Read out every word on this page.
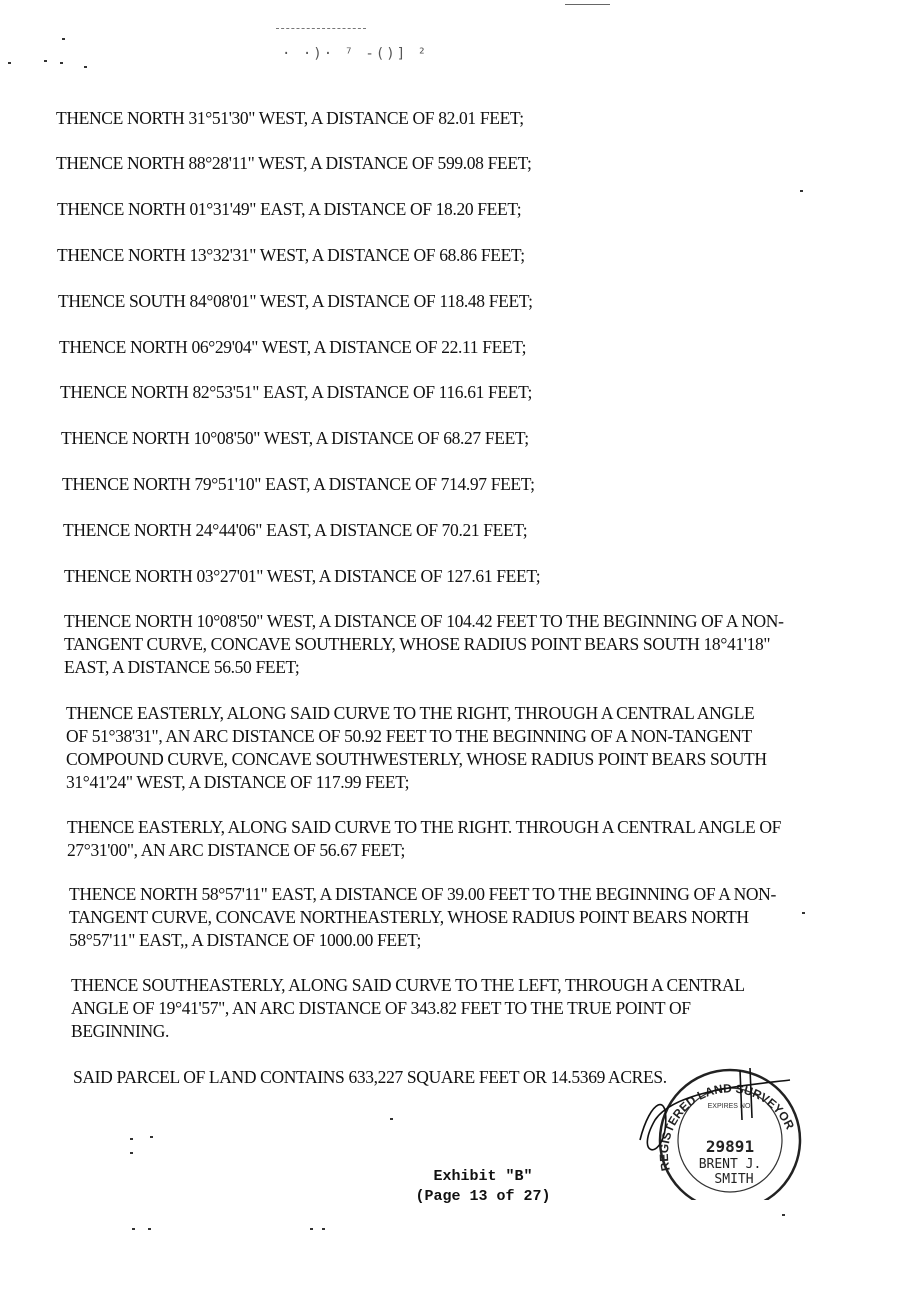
· ·)· ⁷ -()] ²

THENCE NORTH 31°51'30" WEST, A DISTANCE OF 82.01 FEET;

THENCE NORTH 88°28'11" WEST, A DISTANCE OF 599.08 FEET;

THENCE NORTH 01°31'49" EAST, A DISTANCE OF 18.20 FEET;

THENCE NORTH 13°32'31" WEST, A DISTANCE OF 68.86 FEET;

THENCE SOUTH 84°08'01" WEST, A DISTANCE OF 118.48 FEET;

THENCE NORTH 06°29'04" WEST, A DISTANCE OF 22.11 FEET;

THENCE NORTH 82°53'51" EAST, A DISTANCE OF 116.61 FEET;

THENCE NORTH 10°08'50" WEST, A DISTANCE OF 68.27 FEET;

THENCE NORTH 79°51'10" EAST, A DISTANCE OF 714.97 FEET;

THENCE NORTH 24°44'06" EAST, A DISTANCE OF 70.21 FEET;

THENCE NORTH 03°27'01" WEST, A DISTANCE OF 127.61 FEET;

THENCE NORTH 10°08'50" WEST, A DISTANCE OF 104.42 FEET TO THE BEGINNING OF A NON-TANGENT CURVE, CONCAVE SOUTHERLY, WHOSE RADIUS POINT BEARS SOUTH 18°41'18" EAST, A DISTANCE 56.50 FEET;

THENCE EASTERLY, ALONG SAID CURVE TO THE RIGHT, THROUGH A CENTRAL ANGLE OF 51°38'31", AN ARC DISTANCE OF 50.92 FEET TO THE BEGINNING OF A NON-TANGENT COMPOUND CURVE, CONCAVE SOUTHWESTERLY, WHOSE RADIUS POINT BEARS SOUTH 31°41'24" WEST, A DISTANCE OF 117.99 FEET;

THENCE EASTERLY, ALONG SAID CURVE TO THE RIGHT. THROUGH A CENTRAL ANGLE OF 27°31'00", AN ARC DISTANCE OF 56.67 FEET;

THENCE NORTH 58°57'11" EAST, A DISTANCE OF 39.00 FEET TO THE BEGINNING OF A NON-TANGENT CURVE, CONCAVE NORTHEASTERLY, WHOSE RADIUS POINT BEARS NORTH 58°57'11" EAST,, A DISTANCE OF 1000.00 FEET;

THENCE SOUTHEASTERLY, ALONG SAID CURVE TO THE LEFT, THROUGH A CENTRAL ANGLE OF 19°41'57", AN ARC DISTANCE OF 343.82 FEET TO THE TRUE POINT OF BEGINNING.

SAID PARCEL OF LAND CONTAINS 633,227 SQUARE FEET OR 14.5369 ACRES.

REGISTERED LAND SURVEYOR
EXPIRES NO.
29891
BRENT J.
SMITH
Exhibit "B"
(Page 13 of 27)
